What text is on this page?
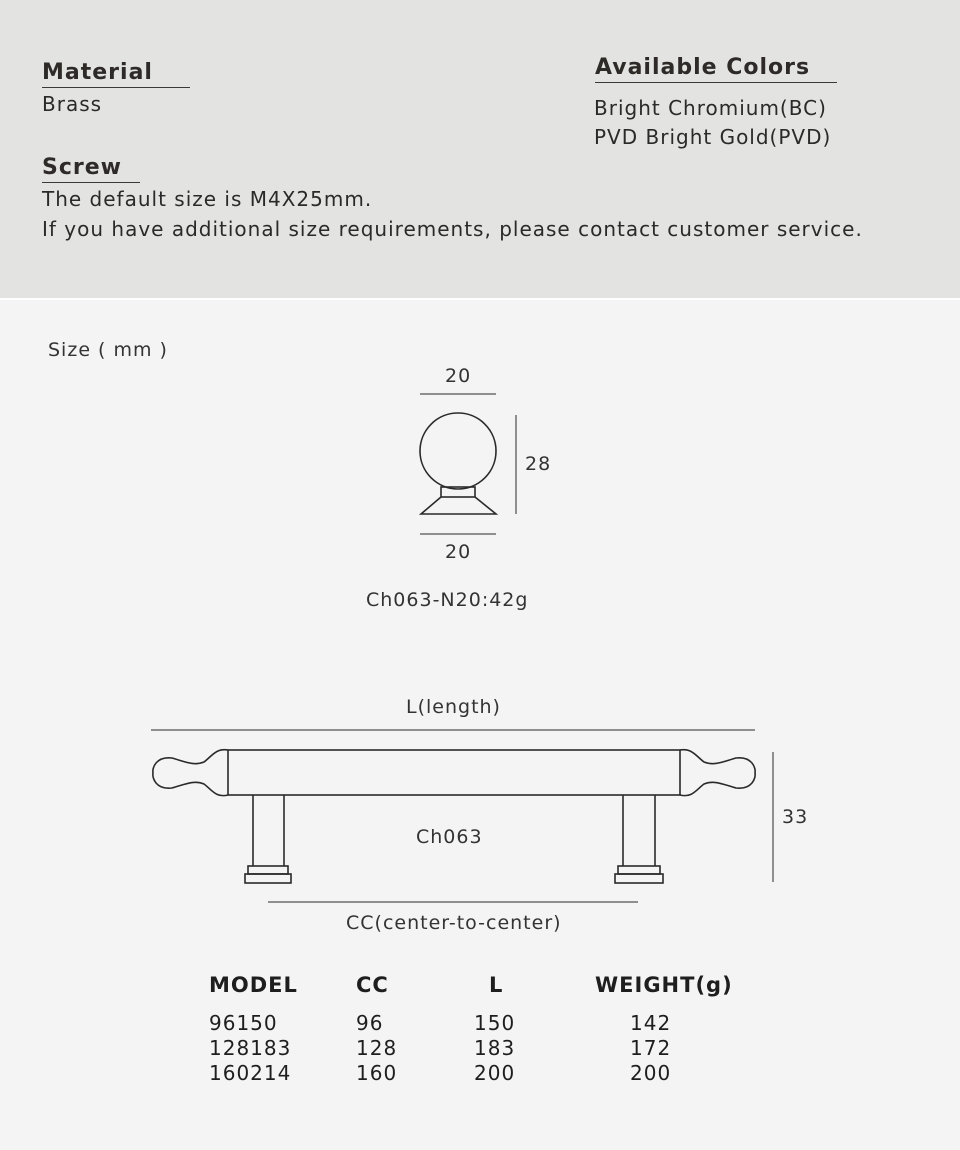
Material
Brass
Available Colors
Bright Chromium(BC)
PVD Bright Gold(PVD)
Screw
The default size is M4X25mm.
If you have additional size requirements, please contact customer service.
Size ( mm )
20
28
20
Ch063-N20:42g
L(length)
33
Ch063
CC(center-to-center)
MODEL	CC	L	WEIGHT(g)
96150	96	150	142
128183	128	183	172
160214	160	200	200
